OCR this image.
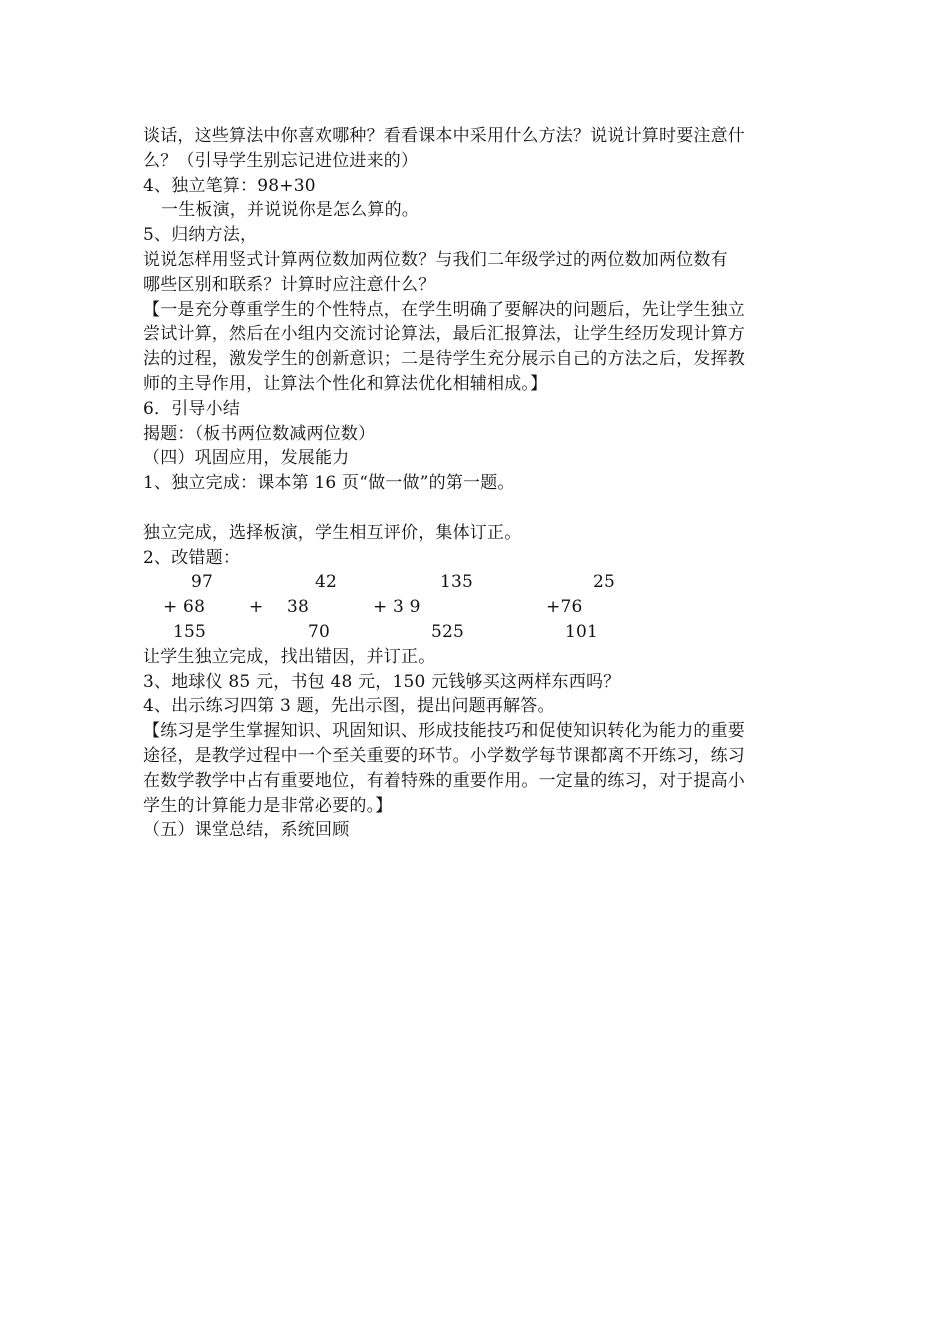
谈话，这些算法中你喜欢哪种？看看课本中采用什么方法？说说计算时要注意什
么？（引导学生别忘记进位进来的）
4、独立笔算：98+30
一生板演，并说说你是怎么算的。
5、归纳方法，
说说怎样用竖式计算两位数加两位数？与我们二年级学过的两位数加两位数有
哪些区别和联系？计算时应注意什么？
【一是充分尊重学生的个性特点，在学生明确了要解决的问题后，先让学生独立
尝试计算，然后在小组内交流讨论算法，最后汇报算法，让学生经历发现计算方
法的过程，激发学生的创新意识；二是待学生充分展示自己的方法之后，发挥教
师的主导作用，让算法个性化和算法优化相辅相成。】
6．引导小结
揭题：（板书两位数减两位数）
（四）巩固应用，发展能力
1、独立完成：课本第 16 页“做一做”的第一题。
独立完成，选择板演，学生相互评价，集体订正。
2、改错题：
97	42	135	25
+ 68	+ 38	+ 3 9	+76
155	70	525	101
让学生独立完成，找出错因，并订正。
3、地球仪 85 元，书包 48 元，150 元钱够买这两样东西吗？
4、出示练习四第 3 题，先出示图，提出问题再解答。
【练习是学生掌握知识、巩固知识、形成技能技巧和促使知识转化为能力的重要
途径，是教学过程中一个至关重要的环节。小学数学每节课都离不开练习，练习
在数学教学中占有重要地位，有着特殊的重要作用。一定量的练习，对于提高小
学生的计算能力是非常必要的。】
（五）课堂总结，系统回顾
